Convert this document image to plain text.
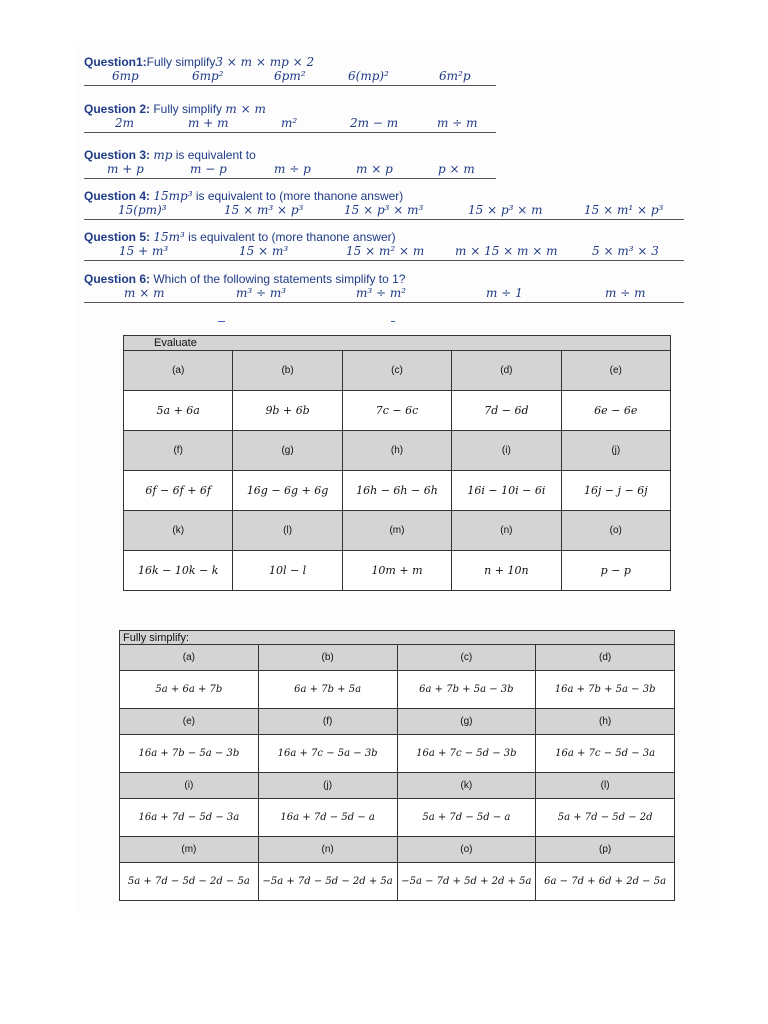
Question1:Fully simplify3 × m × mp × 2
6mp	6mp²	6pm²	6(mp)²	6m²p
Question 2: Fully simplify m × m
2m	m + m	m²	2m − m	m ÷ m
Question 3: mp is equivalent to
m + p	m − p	m ÷ p	m × p	p × m
Question 4: 15mp³ is equivalent to (more thanone answer)
15(pm)³	15 × m³ × p³	15 × p³ × m³	15 × p³ × m	15 × m¹ × p³
Question 5: 15m³ is equivalent to (more thanone answer)
15 + m³	15 × m³	15 × m² × m	m × 15 × m × m	5 × m³ × 3
Question 6: Which of the following statements simplify to 1?
m × m	m³ ÷ m³	m³ ÷ m²	m ÷ 1	m ÷ m
Evaluate				
(a)	(b)	(c)	(d)	(e)
5a + 6a	9b + 6b	7c − 6c	7d − 6d	6e − 6e
(f)	(g)	(h)	(i)	(j)
6f − 6f + 6f	16g − 6g + 6g	16h − 6h − 6h	16i − 10i − 6i	16j − j − 6j
(k)	(l)	(m)	(n)	(o)
16k − 10k − k	10l − l	10m + m	n + 10n	p − p
Fully simplify:			
(a)	(b)	(c)	(d)
5a + 6a + 7b	6a + 7b + 5a	6a + 7b + 5a − 3b	16a + 7b + 5a − 3b
(e)	(f)	(g)	(h)
16a + 7b − 5a − 3b	16a + 7c − 5a − 3b	16a + 7c − 5d − 3b	16a + 7c − 5d − 3a
(i)	(j)	(k)	(l)
16a + 7d − 5d − 3a	16a + 7d − 5d − a	5a + 7d − 5d − a	5a + 7d − 5d − 2d
(m)	(n)	(o)	(p)
5a + 7d − 5d − 2d − 5a	−5a + 7d − 5d − 2d + 5a	−5a − 7d + 5d + 2d + 5a	6a − 7d + 6d + 2d − 5a
